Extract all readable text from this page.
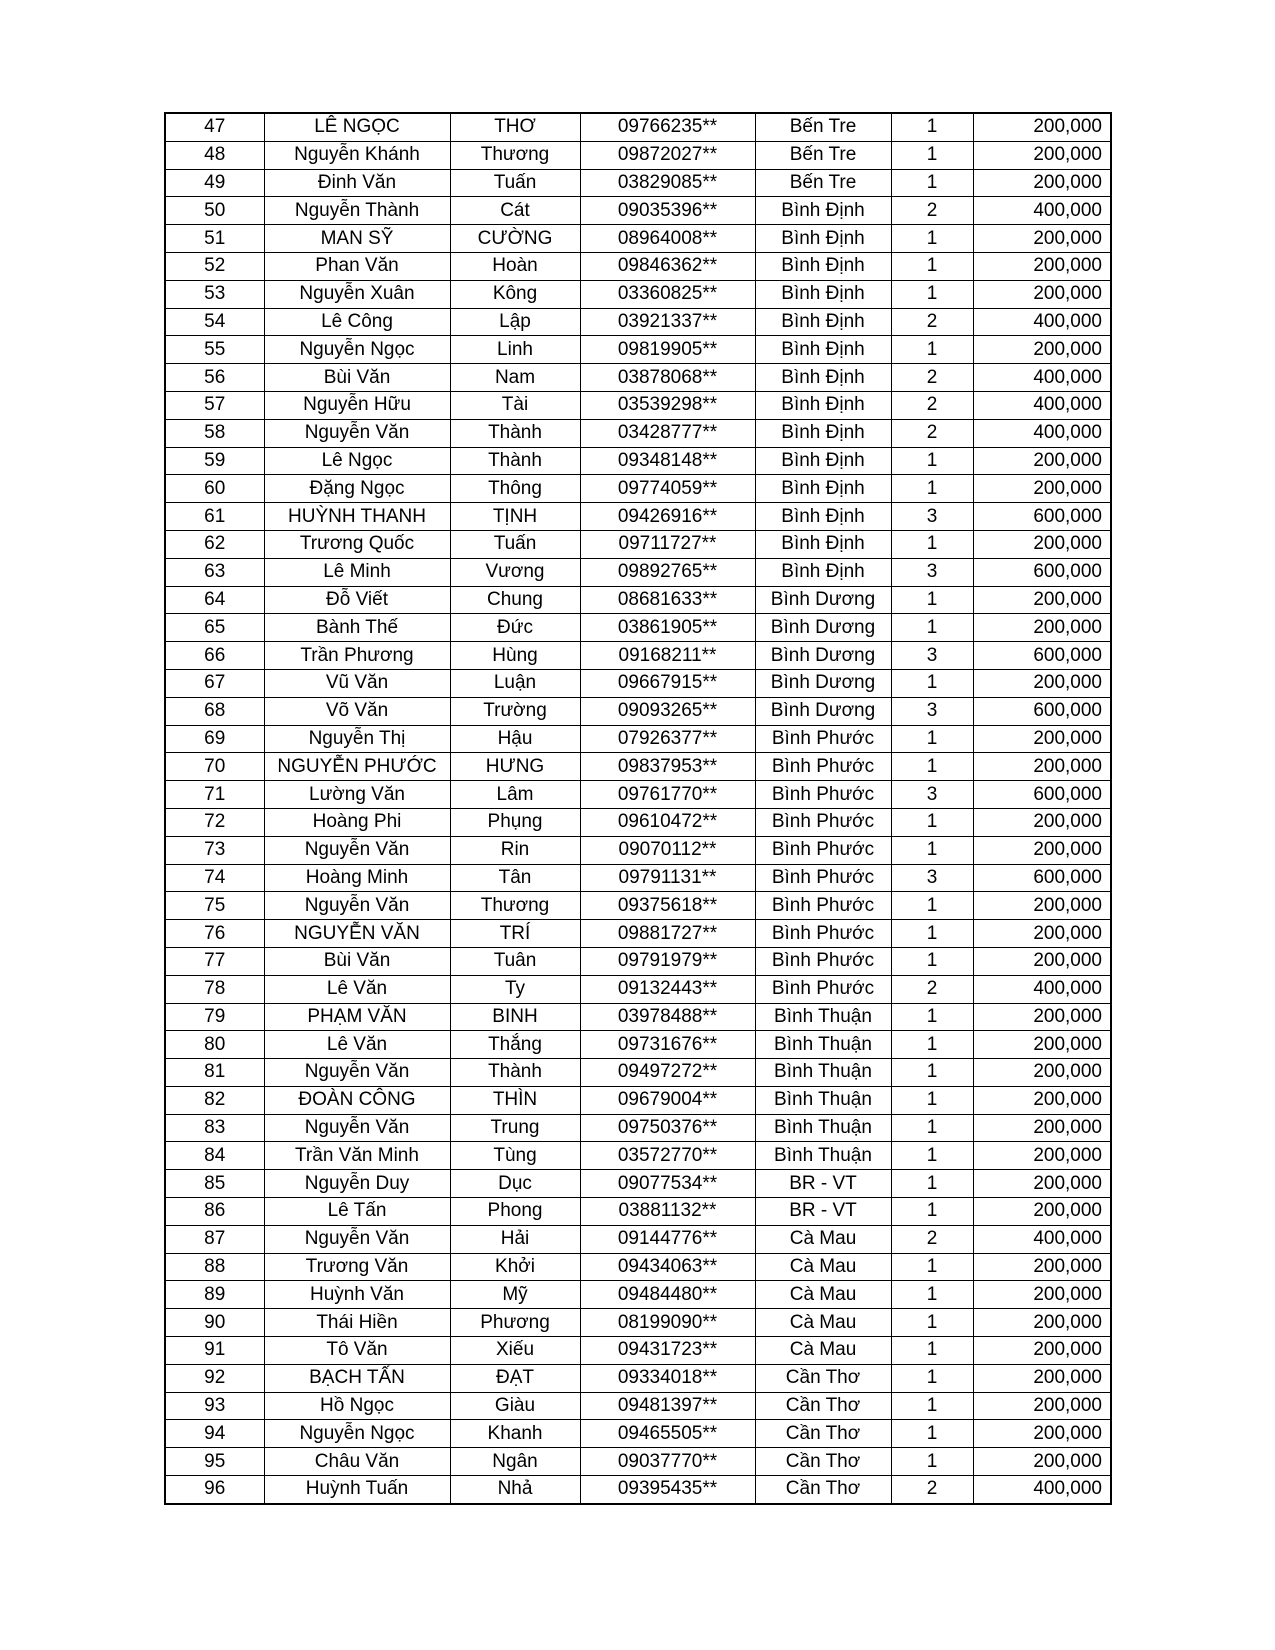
47	LÊ NGỌC	THƠ	09766235**	Bến Tre	1	200,000
48	Nguyễn Khánh	Thương	09872027**	Bến Tre	1	200,000
49	Đinh Văn	Tuấn	03829085**	Bến Tre	1	200,000
50	Nguyễn Thành	Cát	09035396**	Bình Định	2	400,000
51	MAN SỸ	CƯỜNG	08964008**	Bình Định	1	200,000
52	Phan Văn	Hoàn	09846362**	Bình Định	1	200,000
53	Nguyễn Xuân	Kông	03360825**	Bình Định	1	200,000
54	Lê Công	Lập	03921337**	Bình Định	2	400,000
55	Nguyễn Ngọc	Linh	09819905**	Bình Định	1	200,000
56	Bùi Văn	Nam	03878068**	Bình Định	2	400,000
57	Nguyễn Hữu	Tài	03539298**	Bình Định	2	400,000
58	Nguyễn Văn	Thành	03428777**	Bình Định	2	400,000
59	Lê Ngọc	Thành	09348148**	Bình Định	1	200,000
60	Đặng Ngọc	Thông	09774059**	Bình Định	1	200,000
61	HUỲNH THANH	TỊNH	09426916**	Bình Định	3	600,000
62	Trương Quốc	Tuấn	09711727**	Bình Định	1	200,000
63	Lê Minh	Vương	09892765**	Bình Định	3	600,000
64	Đỗ Viết	Chung	08681633**	Bình Dương	1	200,000
65	Bành Thế	Đức	03861905**	Bình Dương	1	200,000
66	Trần Phương	Hùng	09168211**	Bình Dương	3	600,000
67	Vũ Văn	Luận	09667915**	Bình Dương	1	200,000
68	Võ Văn	Trường	09093265**	Bình Dương	3	600,000
69	Nguyễn Thị	Hậu	07926377**	Bình Phước	1	200,000
70	NGUYỄN PHƯỚC	HƯNG	09837953**	Bình Phước	1	200,000
71	Lường Văn	Lâm	09761770**	Bình Phước	3	600,000
72	Hoàng Phi	Phụng	09610472**	Bình Phước	1	200,000
73	Nguyễn Văn	Rin	09070112**	Bình Phước	1	200,000
74	Hoàng Minh	Tân	09791131**	Bình Phước	3	600,000
75	Nguyễn Văn	Thương	09375618**	Bình Phước	1	200,000
76	NGUYỄN VĂN	TRÍ	09881727**	Bình Phước	1	200,000
77	Bùi Văn	Tuân	09791979**	Bình Phước	1	200,000
78	Lê Văn	Ty	09132443**	Bình Phước	2	400,000
79	PHẠM VĂN	BINH	03978488**	Bình Thuận	1	200,000
80	Lê Văn	Thắng	09731676**	Bình Thuận	1	200,000
81	Nguyễn Văn	Thành	09497272**	Bình Thuận	1	200,000
82	ĐOÀN CÔNG	THÌN	09679004**	Bình Thuận	1	200,000
83	Nguyễn Văn	Trung	09750376**	Bình Thuận	1	200,000
84	Trần Văn Minh	Tùng	03572770**	Bình Thuận	1	200,000
85	Nguyễn Duy	Dục	09077534**	BR - VT	1	200,000
86	Lê Tấn	Phong	03881132**	BR - VT	1	200,000
87	Nguyễn Văn	Hải	09144776**	Cà Mau	2	400,000
88	Trương Văn	Khởi	09434063**	Cà Mau	1	200,000
89	Huỳnh Văn	Mỹ	09484480**	Cà Mau	1	200,000
90	Thái Hiền	Phương	08199090**	Cà Mau	1	200,000
91	Tô Văn	Xiếu	09431723**	Cà Mau	1	200,000
92	BẠCH TẤN	ĐẠT	09334018**	Cần Thơ	1	200,000
93	Hồ Ngọc	Giàu	09481397**	Cần Thơ	1	200,000
94	Nguyễn Ngọc	Khanh	09465505**	Cần Thơ	1	200,000
95	Châu Văn	Ngân	09037770**	Cần Thơ	1	200,000
96	Huỳnh Tuấn	Nhả	09395435**	Cần Thơ	2	400,000
